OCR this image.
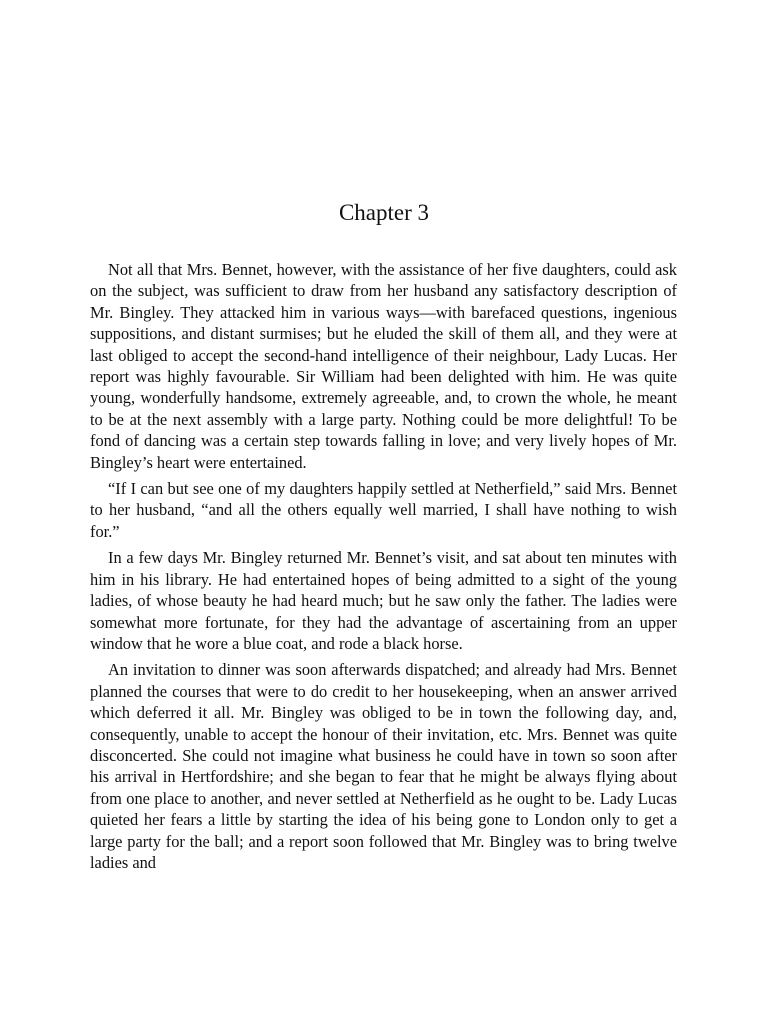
Chapter 3

Not all that Mrs. Bennet, however, with the assistance of her five daughters, could ask on the subject, was sufficient to draw from her husband any satisfactory description of Mr. Bingley. They attacked him in various ways—with barefaced questions, ingenious suppositions, and distant surmises; but he eluded the skill of them all, and they were at last obliged to accept the second-hand intelligence of their neighbour, Lady Lucas. Her report was highly favourable. Sir William had been delighted with him. He was quite young, wonderfully handsome, extremely agreeable, and, to crown the whole, he meant to be at the next assembly with a large party. Nothing could be more delightful! To be fond of dancing was a certain step towards falling in love; and very lively hopes of Mr. Bingley’s heart were entertained.

“If I can but see one of my daughters happily settled at Netherfield,” said Mrs. Bennet to her husband, “and all the others equally well married, I shall have nothing to wish for.”

In a few days Mr. Bingley returned Mr. Bennet’s visit, and sat about ten minutes with him in his library. He had entertained hopes of being admitted to a sight of the young ladies, of whose beauty he had heard much; but he saw only the father. The ladies were somewhat more fortunate, for they had the advantage of ascertaining from an upper window that he wore a blue coat, and rode a black horse.

An invitation to dinner was soon afterwards dispatched; and already had Mrs. Bennet planned the courses that were to do credit to her housekeeping, when an answer arrived which deferred it all. Mr. Bingley was obliged to be in town the following day, and, consequently, unable to accept the honour of their invitation, etc. Mrs. Bennet was quite disconcerted. She could not imagine what business he could have in town so soon after his arrival in Hertfordshire; and she began to fear that he might be always flying about from one place to another, and never settled at Netherfield as he ought to be. Lady Lucas quieted her fears a little by starting the idea of his being gone to London only to get a large party for the ball; and a report soon followed that Mr. Bingley was to bring twelve ladies and
